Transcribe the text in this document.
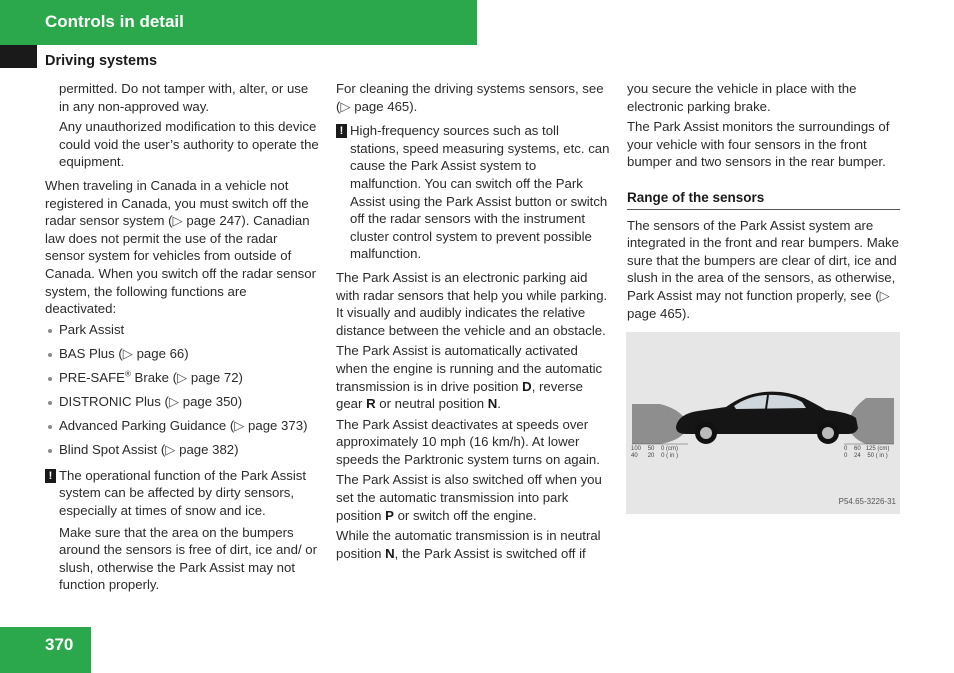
Controls in detail
Driving systems

permitted. Do not tamper with, alter, or use in any non-approved way.

Any unauthorized modification to this device could void the user’s authority to operate the equipment.

When traveling in Canada in a vehicle not registered in Canada, you must switch off the radar sensor system (▷ page 247). Canadian law does not permit the use of the radar sensor system for vehicles from outside of Canada. When you switch off the radar sensor system, the following functions are deactivated:

Park Assist
BAS Plus (▷ page 66)
PRE-SAFE® Brake (▷ page 72)
DISTRONIC Plus (▷ page 350)
Advanced Parking Guidance (▷ page 373)
Blind Spot Assist (▷ page 382)
! The operational function of the Park Assist system can be affected by dirty sensors, especially at times of snow and ice.

Make sure that the area on the bumpers around the sensors is free of dirt, ice and/ or slush, otherwise the Park Assist may not function properly.

For cleaning the driving systems sensors, see (▷ page 465).

! High-frequency sources such as toll stations, speed measuring systems, etc. can cause the Park Assist system to malfunction. You can switch off the Park Assist using the Park Assist button or switch off the radar sensors with the instrument cluster control system to prevent possible malfunction.

The Park Assist is an electronic parking aid with radar sensors that help you while parking. It visually and audibly indicates the relative distance between the vehicle and an obstacle.

The Park Assist is automatically activated when the engine is running and the automatic transmission is in drive position D, reverse gear R or neutral position N.

The Park Assist deactivates at speeds over approximately 10 mph (16 km/h). At lower speeds the Parktronic system turns on again.

The Park Assist is also switched off when you set the automatic transmission into park position P or switch off the engine.

While the automatic transmission is in neutral position N, the Park Assist is switched off if

you secure the vehicle in place with the electronic parking brake.

The Park Assist monitors the surroundings of your vehicle with four sensors in the front bumper and two sensors in the rear bumper.

Range of the sensors

The sensors of the Park Assist system are integrated in the front and rear bumpers. Make sure that the bumpers are clear of dirt, ice and slush in the area of the sensors, as otherwise, Park Assist may not function properly, see (▷ page 465).

100 50 0 (cm)
40 20 0 ( in )
0 60 125 (cm)
0 24 50 ( in )
P54.65-3226-31
370
